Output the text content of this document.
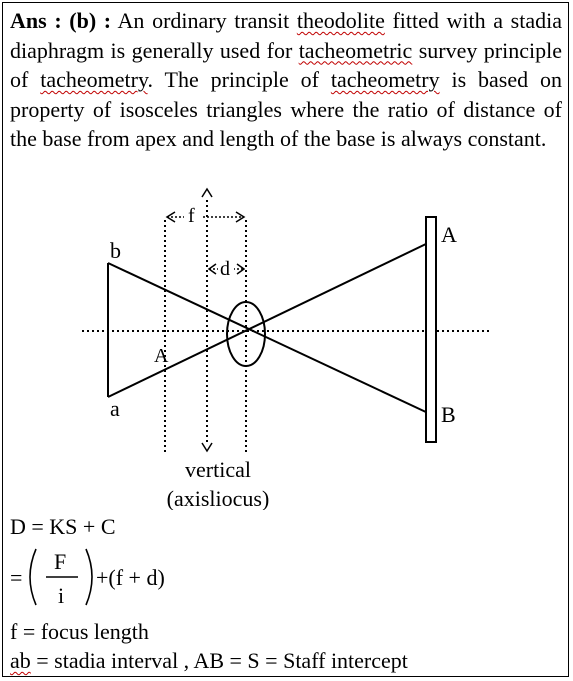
Ans : (b) : An ordinary transit theodolite fitted with a stadia diaphragm is generally used for tacheometric survey principle of tacheometry. The principle of tacheometry is based on property of isosceles triangles where the ratio of distance of the base from apex and length of the base is always constant.
f
d
b
a
A
B
A
vertical
(axisliocus)
D = KS + C
=
F
i
+(f + d)
f = focus length
ab = stadia interval , AB = S = Staff intercept
